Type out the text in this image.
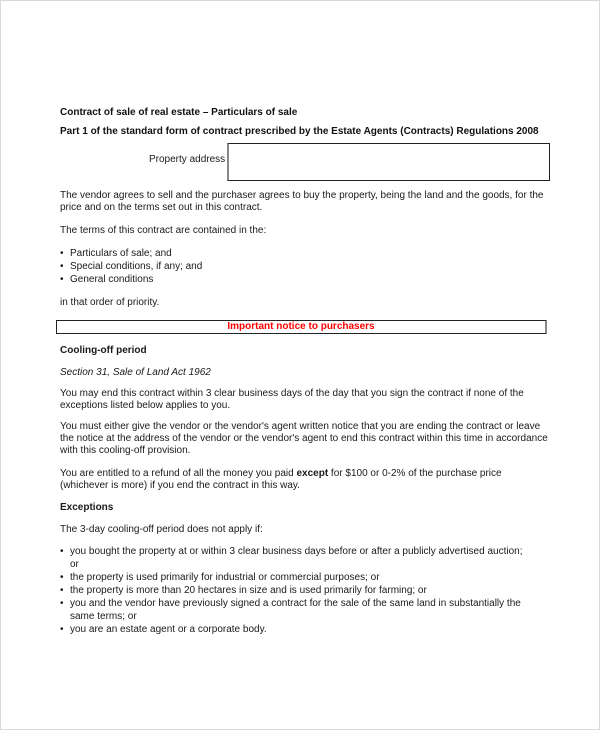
Contract of sale of real estate – Particulars of sale
Part 1 of the standard form of contract prescribed by the Estate Agents (Contracts) Regulations 2008
Property address
The vendor agrees to sell and the purchaser agrees to buy the property, being the land and the goods, for the price and on the terms set out in this contract.
The terms of this contract are contained in the:
• Particulars of sale; and
• Special conditions, if any; and
• General conditions
in that order of priority.
Important notice to purchasers
Cooling-off period
Section 31, Sale of Land Act 1962
You may end this contract within 3 clear business days of the day that you sign the contract if none of the exceptions listed below applies to you.
You must either give the vendor or the vendor's agent written notice that you are ending the contract or leave the notice at the address of the vendor or the vendor's agent to end this contract within this time in accordance with this cooling-off provision.
You are entitled to a refund of all the money you paid except for $100 or 0-2% of the purchase price (whichever is more) if you end the contract in this way.
Exceptions
The 3-day cooling-off period does not apply if:
• you bought the property at or within 3 clear business days before or after a publicly advertised auction; or
• the property is used primarily for industrial or commercial purposes; or
• the property is more than 20 hectares in size and is used primarily for farming; or
• you and the vendor have previously signed a contract for the sale of the same land in substantially the same terms; or
• you are an estate agent or a corporate body.
